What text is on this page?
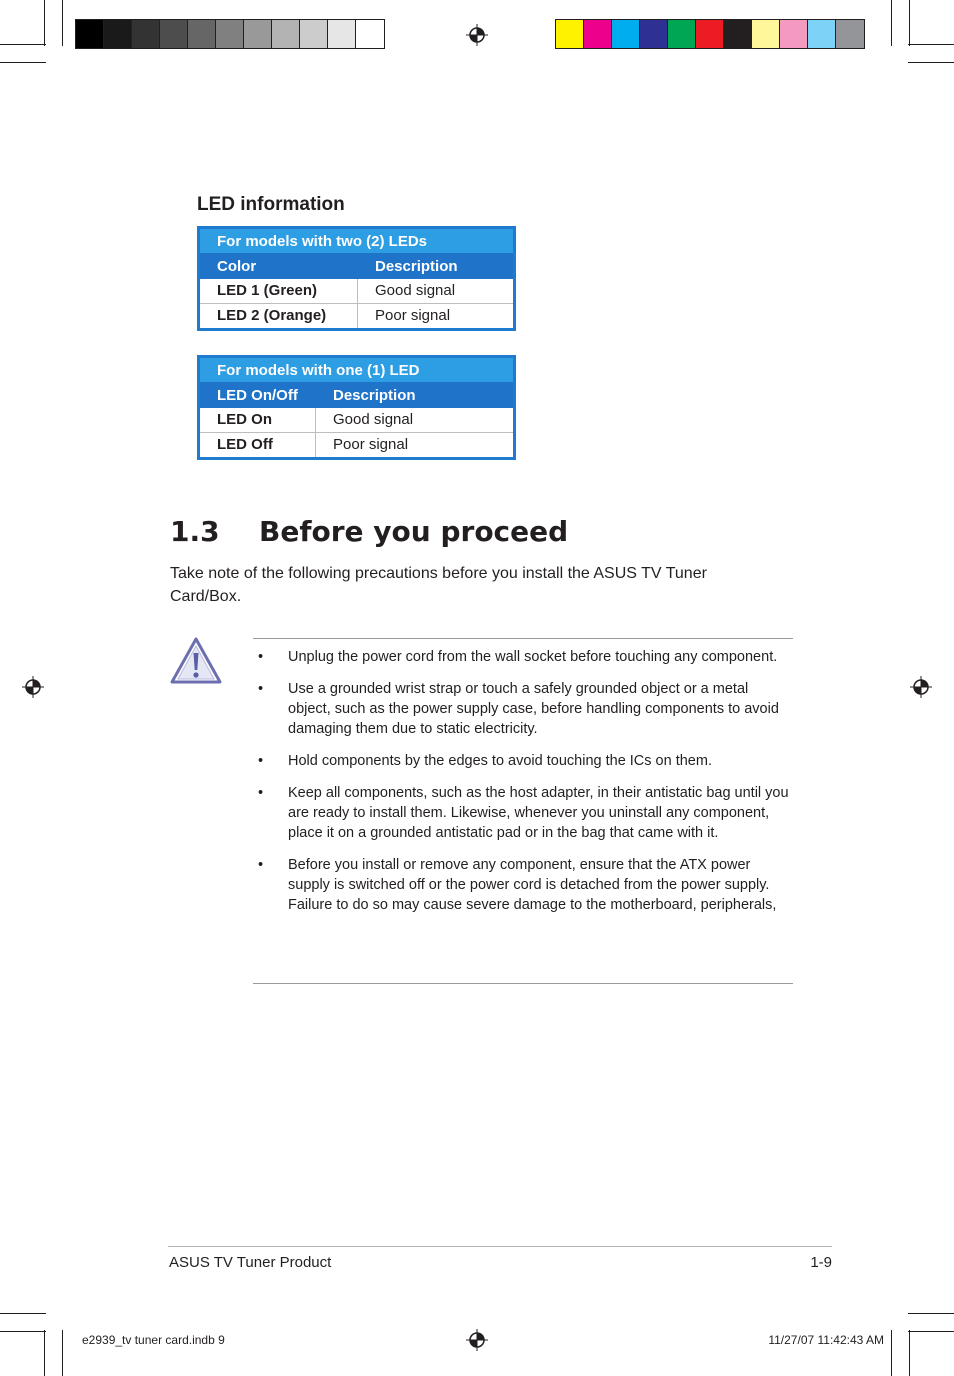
LED information
For models with two (2) LEDs
Color	Description
LED 1 (Green)	Good signal
LED 2 (Orange)	Poor signal
For models with one (1) LED
LED On/Off	Description
LED On	Good signal
LED Off	Poor signal
1.3 Before you proceed
Take note of the following precautions before you install the ASUS TV Tuner Card/Box.
• Unplug the power cord from the wall socket before touching any component.
• Use a grounded wrist strap or touch a safely grounded object or a metal object, such as the power supply case, before handling components to avoid damaging them due to static electricity.
• Hold components by the edges to avoid touching the ICs on them.
• Keep all components, such as the host adapter, in their antistatic bag until you are ready to install them. Likewise, whenever you uninstall any component, place it on a grounded antistatic pad or in the bag that came with it.
• Before you install or remove any component, ensure that the ATX power supply is switched off or the power cord is detached from the power supply. Failure to do so may cause severe damage to the motherboard, peripherals,
ASUS TV Tuner Product	1-9
e2939_tv tuner card.indb 9	11/27/07 11:42:43 AM
